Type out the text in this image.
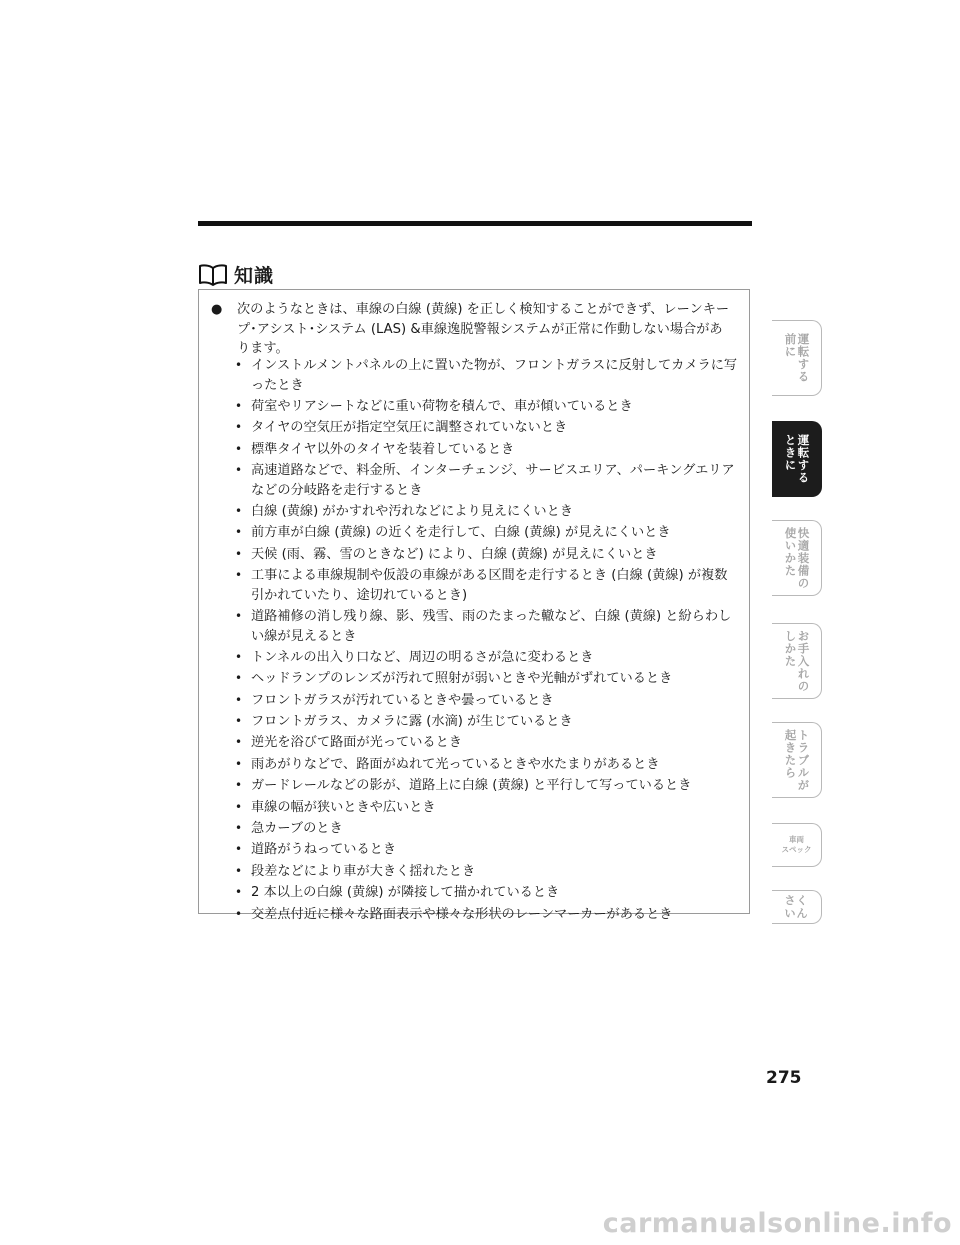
知識
●	次のようなときは、車線の白線 (黄線) を正しく検知することができず、レーンキープ･アシスト･システム (LAS) &車線逸脱警報システムが正常に作動しない場合があります。
• インストルメントパネルの上に置いた物が、フロントガラスに反射してカメラに写ったとき
• 荷室やリアシートなどに重い荷物を積んで、車が傾いているとき
• タイヤの空気圧が指定空気圧に調整されていないとき
• 標準タイヤ以外のタイヤを装着しているとき
• 高速道路などで、料金所、インターチェンジ、サービスエリア、パーキングエリアなどの分岐路を走行するとき
• 白線 (黄線) がかすれや汚れなどにより見えにくいとき
• 前方車が白線 (黄線) の近くを走行して、白線 (黄線) が見えにくいとき
• 天候 (雨、霧、雪のときなど) により、白線 (黄線) が見えにくいとき
• 工事による車線規制や仮設の車線がある区間を走行するとき (白線 (黄線) が複数引かれていたり、途切れているとき)
• 道路補修の消し残り線、影、残雪、雨のたまった轍など、白線 (黄線) と紛らわしい線が見えるとき
• トンネルの出入り口など、周辺の明るさが急に変わるとき
• ヘッドランプのレンズが汚れて照射が弱いときや光軸がずれているとき
• フロントガラスが汚れているときや曇っているとき
• フロントガラス、カメラに露 (水滴) が生じているとき
• 逆光を浴びて路面が光っているとき
• 雨あがりなどで、路面がぬれて光っているときや水たまりがあるとき
• ガードレールなどの影が、道路上に白線 (黄線) と平行して写っているとき
• 車線の幅が狭いときや広いとき
• 急カーブのとき
• 道路がうねっているとき
• 段差などにより車が大きく揺れたとき
• 2 本以上の白線 (黄線) が隣接して描かれているとき
• 交差点付近に様々な路面表示や様々な形状のレーンマーカーがあるとき
運転する
前に
運転する
ときに
快適装備の
使いかた
お手入れの
しかた
トラブルが
起きたら
車両
スペック
さく
いん
275
carmanualsonline.info
